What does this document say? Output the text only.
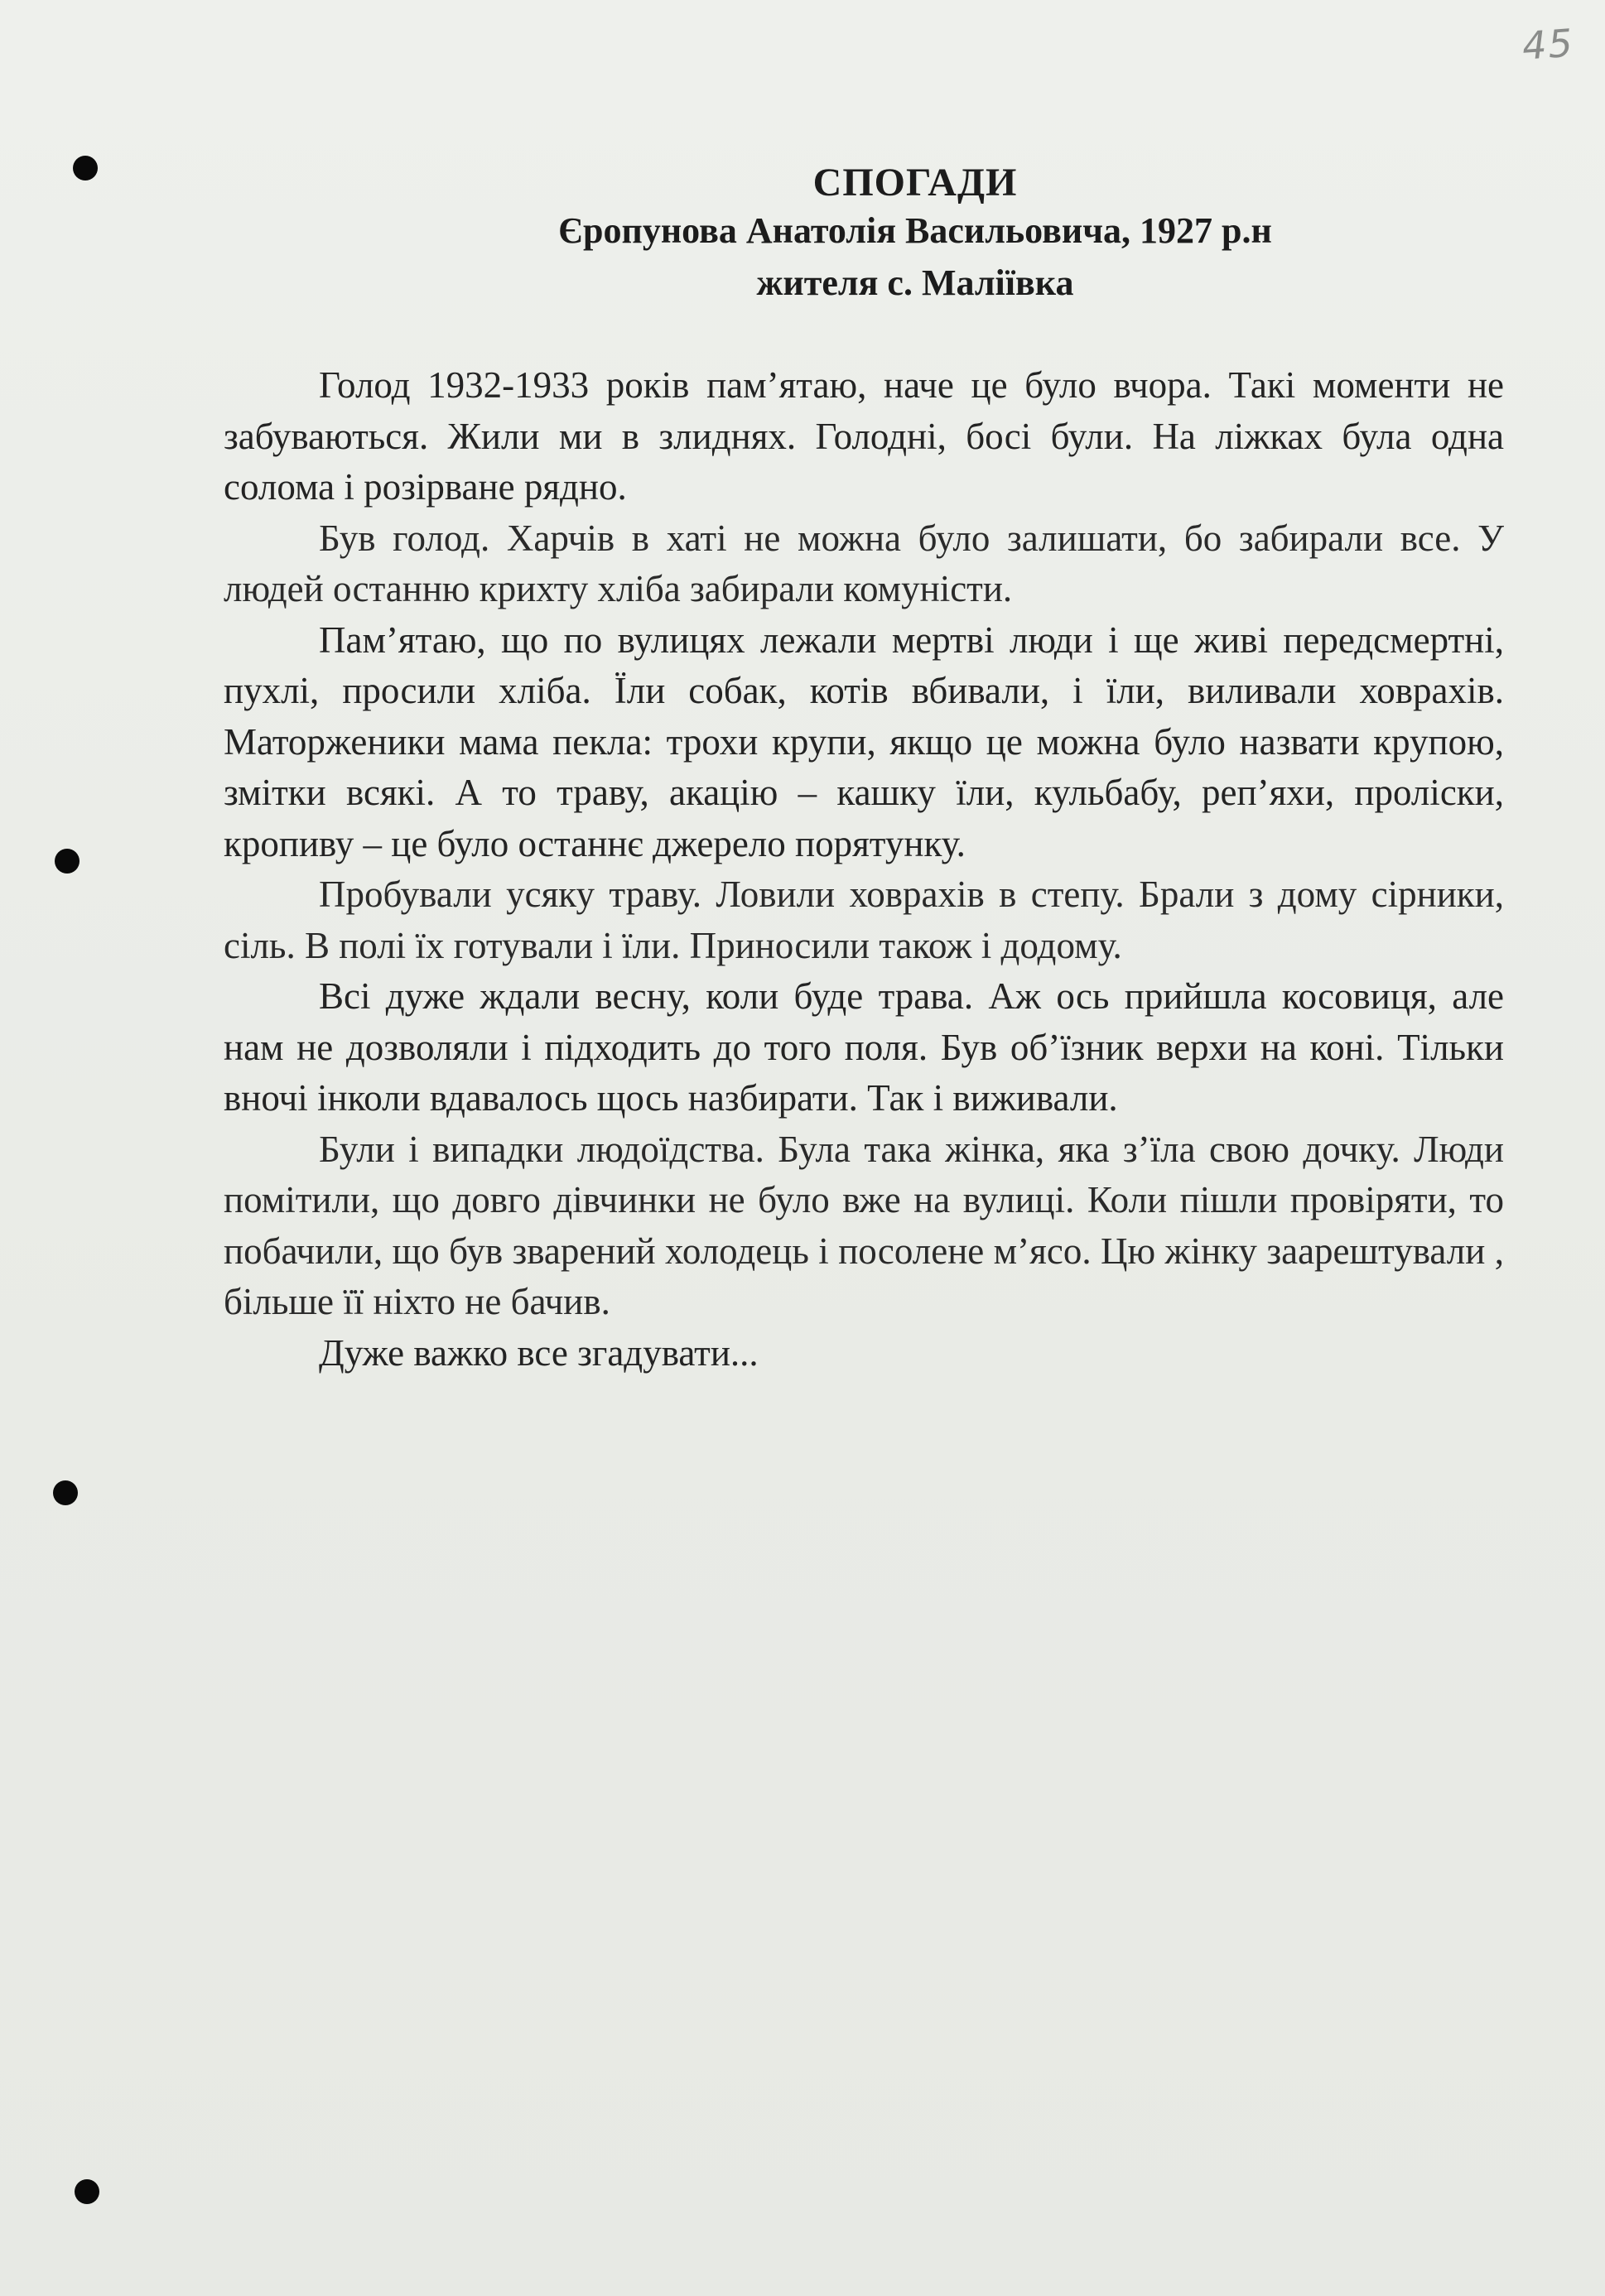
45
СПОГАДИ
Єропунова Анатолія Васильовича, 1927 р.н
жителя с. Маліївка

Голод 1932-1933 років пам’ятаю, наче це було вчора. Такі моменти не забуваються. Жили ми в злиднях. Голодні, босі були. На ліжках була одна солома і розірване рядно.

Був голод. Харчів в хаті не можна було залишати, бо забирали все. У людей останню крихту хліба забирали комуністи.

Пам’ятаю, що по вулицях лежали мертві люди і ще живі передсмертні, пухлі, просили хліба. Їли собак, котів вбивали, і їли, виливали ховрахів. Маторженики мама пекла: трохи крупи, якщо це можна було назвати крупою, змітки всякі. А то траву, акацію – кашку їли, кульбабу, реп’яхи, проліски, кропиву – це було останнє джерело порятунку.

Пробували усяку траву. Ловили ховрахів в степу. Брали з дому сірники, сіль. В полі їх готували і їли. Приносили також і додому.

Всі дуже ждали весну, коли буде трава. Аж ось прийшла косовиця, але нам не дозволяли і підходить до того поля. Був об’їзник верхи на коні. Тільки вночі інколи вдавалось щось назбирати. Так і виживали.

Були і випадки людоїдства. Була така жінка, яка з’їла свою дочку. Люди помітили, що довго дівчинки не було вже на вулиці. Коли пішли провіряти, то побачили, що був зварений холодець і посолене м’ясо. Цю жінку заарештували , більше її ніхто не бачив.

Дуже важко все згадувати...
